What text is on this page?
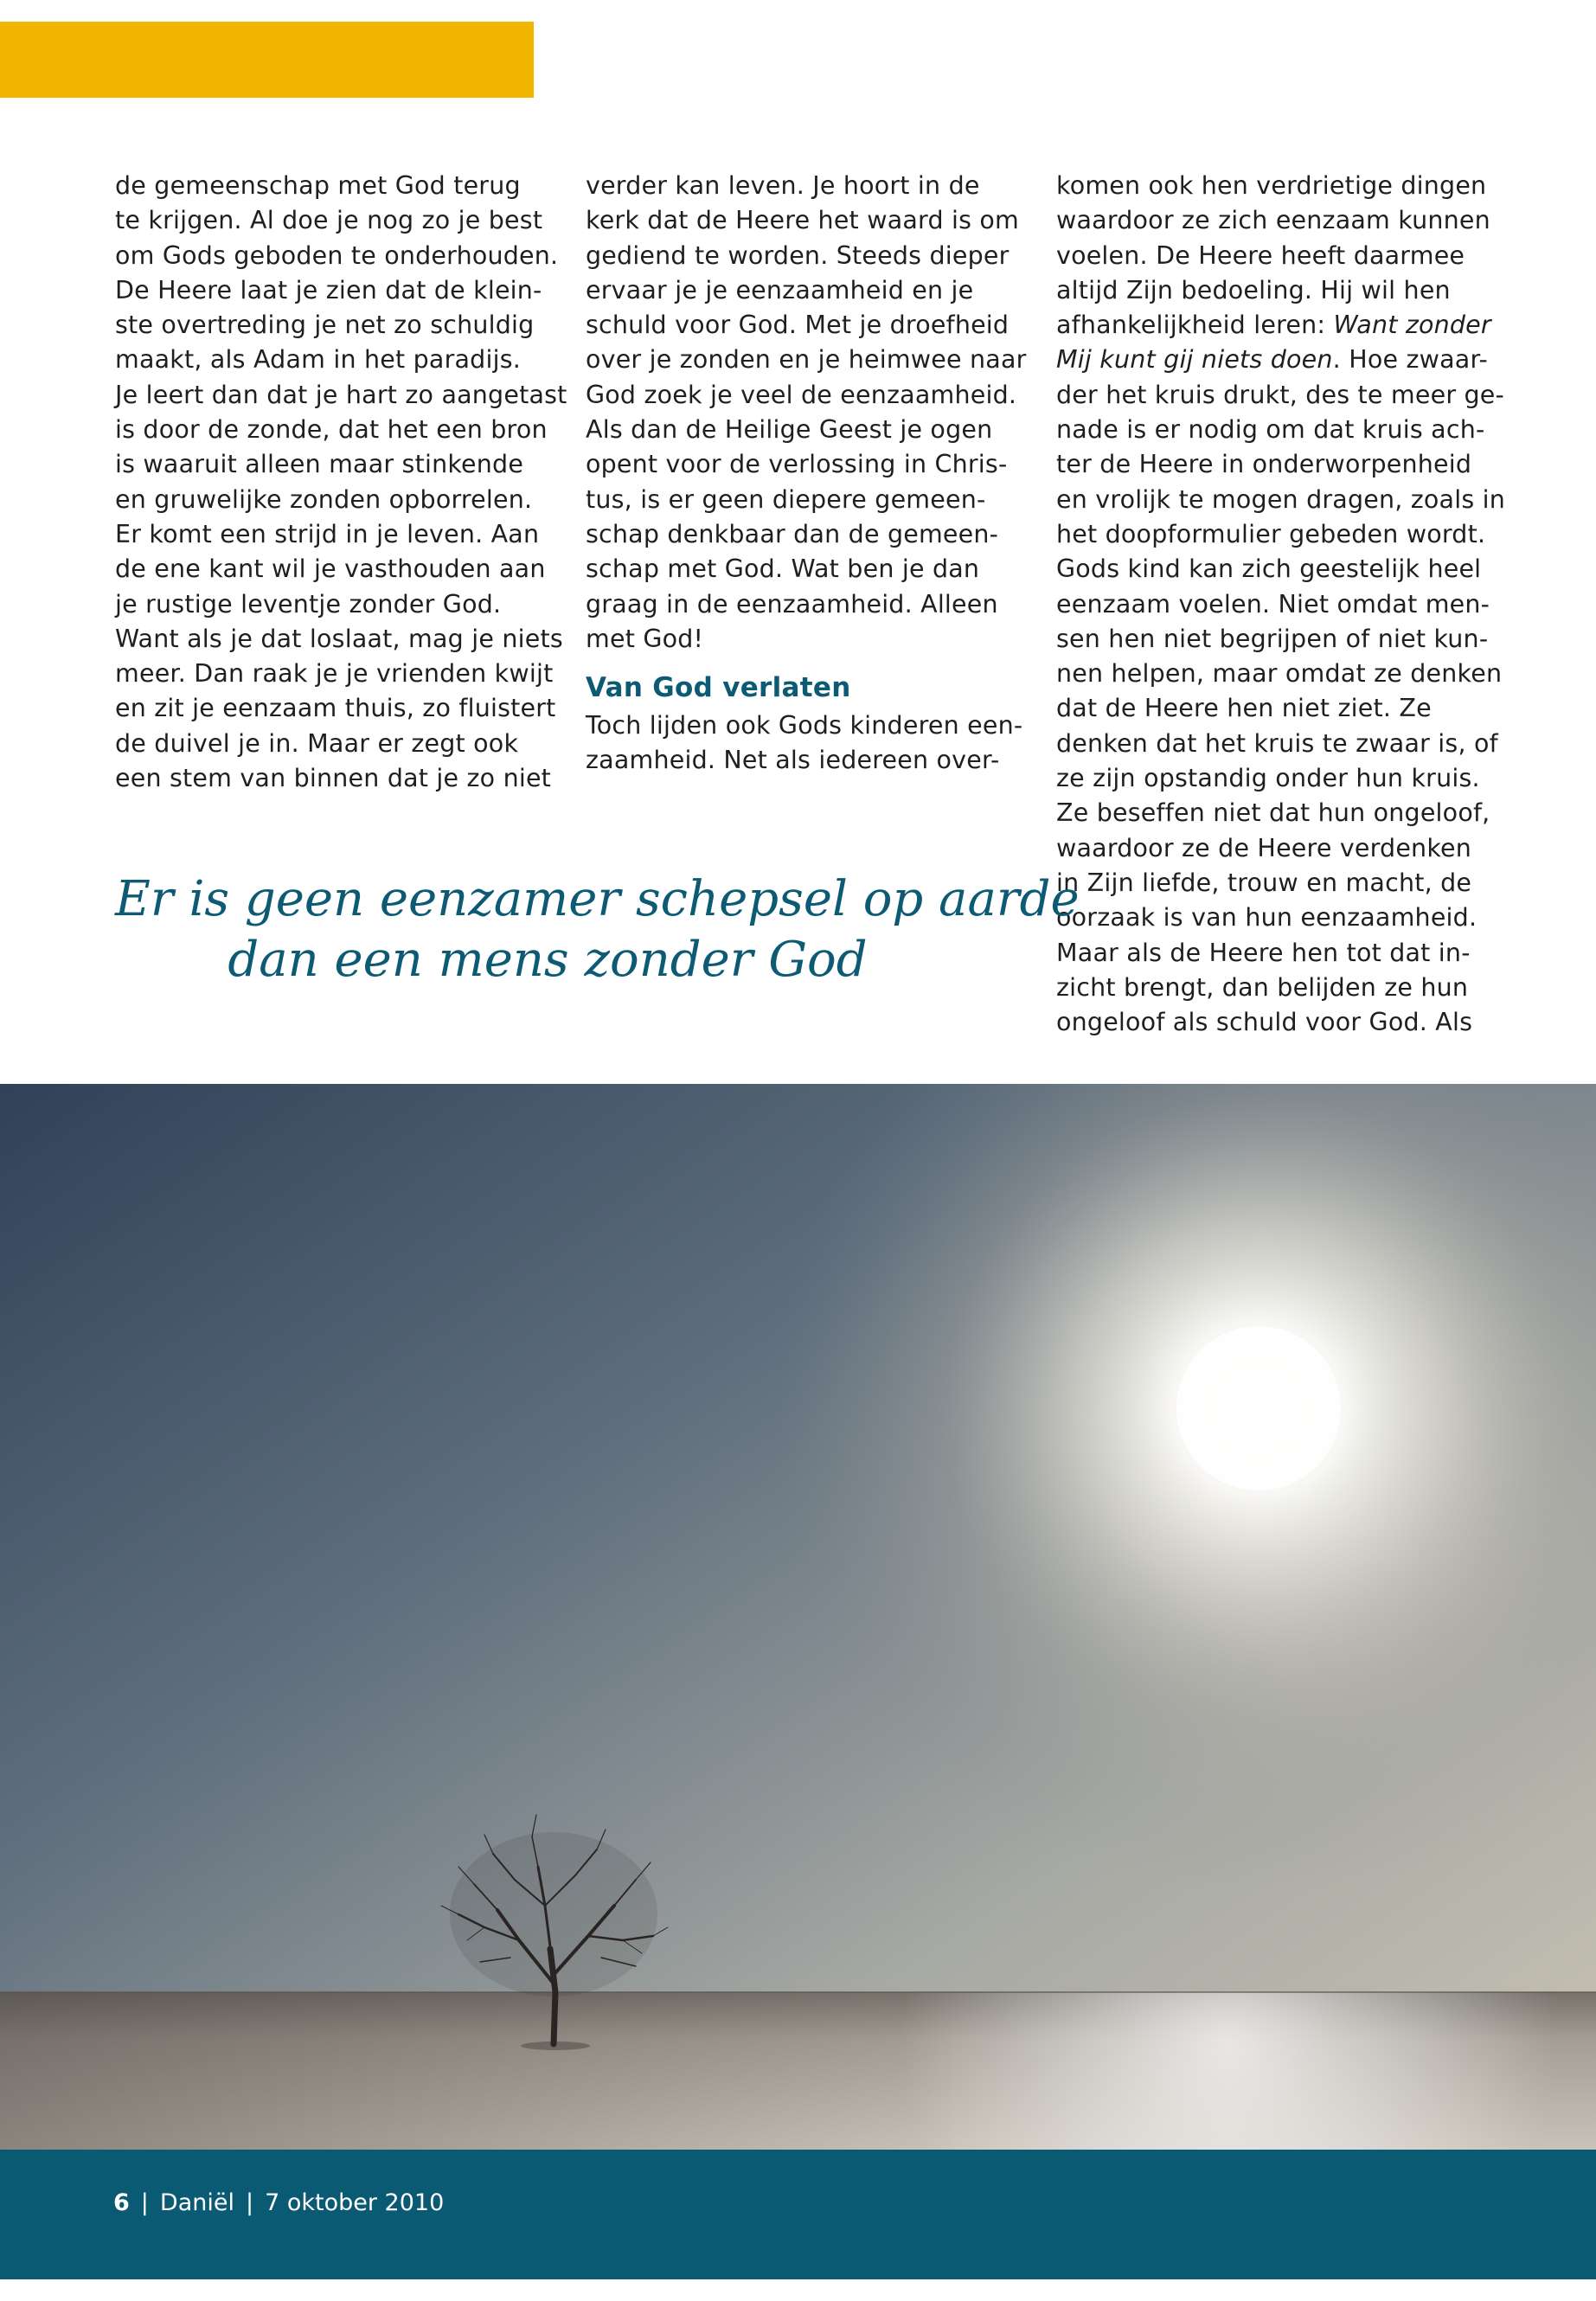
de gemeenschap met God terug
te krijgen. Al doe je nog zo je best
om Gods geboden te onderhouden.
De Heere laat je zien dat de klein-
ste overtreding je net zo schuldig
maakt, als Adam in het paradijs.
Je leert dan dat je hart zo aangetast
is door de zonde, dat het een bron
is waaruit alleen maar stinkende
en gruwelijke zonden opborrelen.
Er komt een strijd in je leven. Aan
de ene kant wil je vasthouden aan
je rustige leventje zonder God.
Want als je dat loslaat, mag je niets
meer. Dan raak je je vrienden kwijt
en zit je eenzaam thuis, zo fluistert
de duivel je in. Maar er zegt ook
een stem van binnen dat je zo niet
verder kan leven. Je hoort in de
kerk dat de Heere het waard is om
gediend te worden. Steeds dieper
ervaar je je eenzaamheid en je
schuld voor God. Met je droefheid
over je zonden en je heimwee naar
God zoek je veel de eenzaamheid.
Als dan de Heilige Geest je ogen
opent voor de verlossing in Chris-
tus, is er geen diepere gemeen-
schap denkbaar dan de gemeen-
schap met God. Wat ben je dan
graag in de eenzaamheid. Alleen
met God!
Van God verlaten
Toch lijden ook Gods kinderen een-
zaamheid. Net als iedereen over-
komen ook hen verdrietige dingen
waardoor ze zich eenzaam kunnen
voelen. De Heere heeft daarmee
altijd Zijn bedoeling. Hij wil hen
afhankelijkheid leren: Want zonder
Mij kunt gij niets doen. Hoe zwaar-
der het kruis drukt, des te meer ge-
nade is er nodig om dat kruis ach-
ter de Heere in onderworpenheid
en vrolijk te mogen dragen, zoals in
het doopformulier gebeden wordt.
Gods kind kan zich geestelijk heel
eenzaam voelen. Niet omdat men-
sen hen niet begrijpen of niet kun-
nen helpen, maar omdat ze denken
dat de Heere hen niet ziet. Ze
denken dat het kruis te zwaar is, of
ze zijn opstandig onder hun kruis.
Ze beseffen niet dat hun ongeloof,
waardoor ze de Heere verdenken
in Zijn liefde, trouw en macht, de
oorzaak is van hun eenzaamheid.
Maar als de Heere hen tot dat in-
zicht brengt, dan belijden ze hun
ongeloof als schuld voor God. Als
Er is geen eenzamer schepsel op aarde
dan een mens zonder God
6 | Daniël | 7 oktober 2010
